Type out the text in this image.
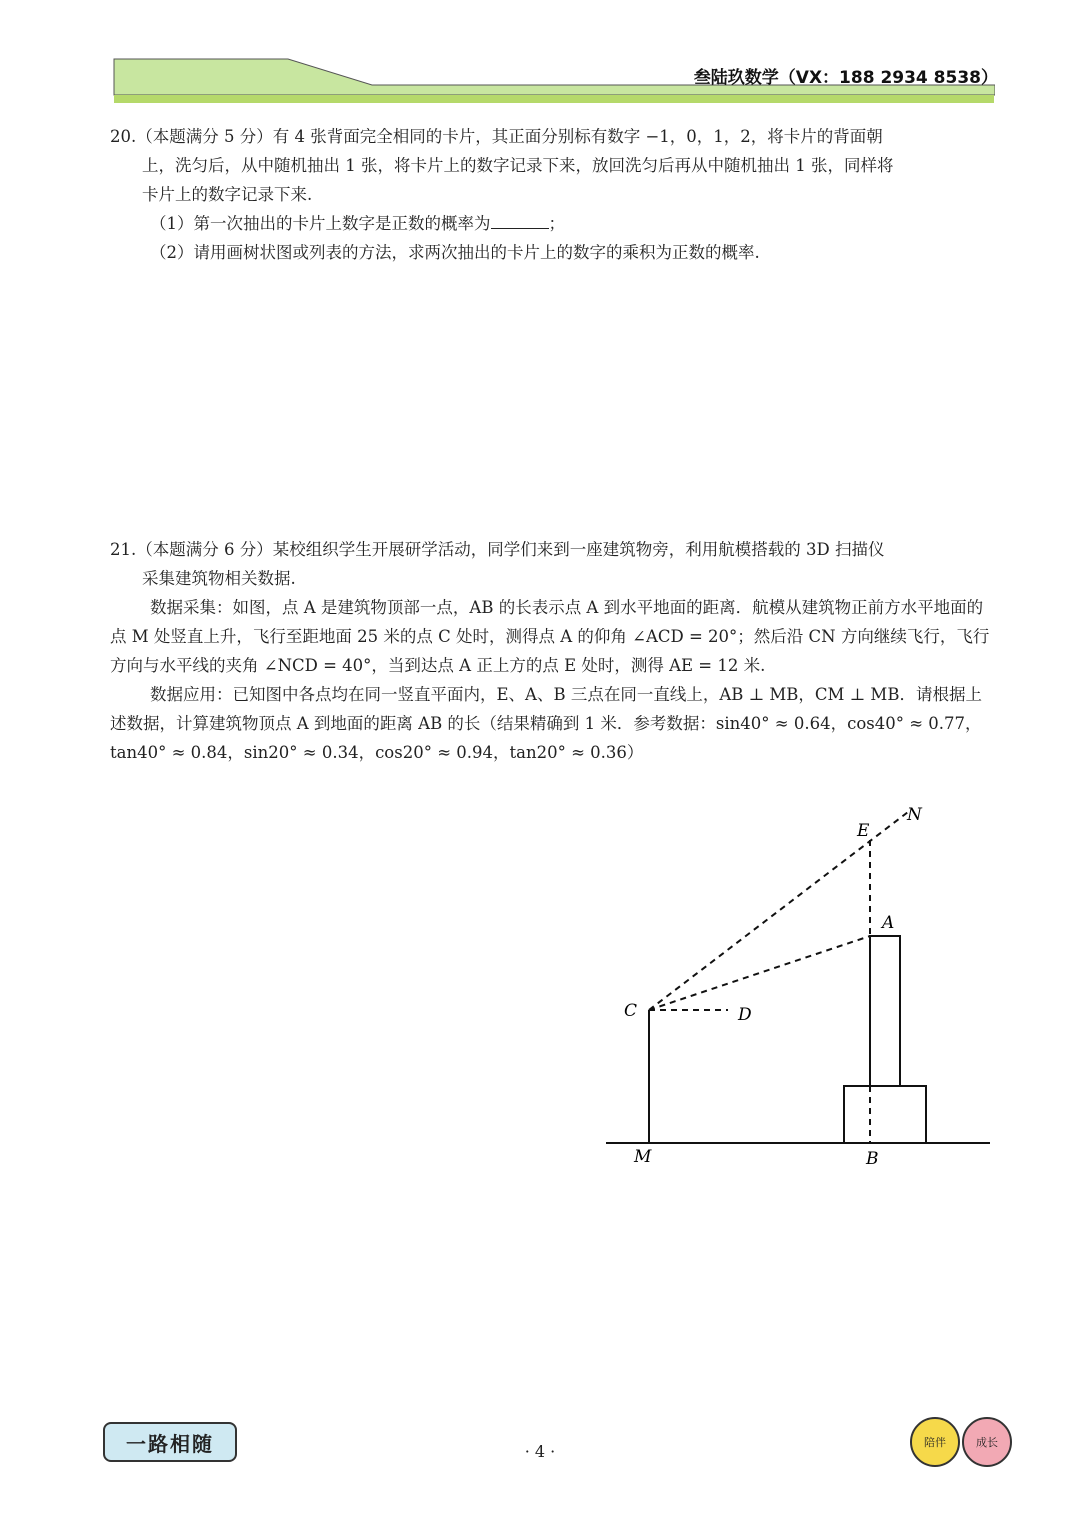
叁陆玖数学（VX：188 2934 8538）

20.（本题满分 5 分）有 4 张背面完全相同的卡片，其正面分别标有数字 −1，0，1，2，将卡片的背面朝

上，洗匀后，从中随机抽出 1 张，将卡片上的数字记录下来，放回洗匀后再从中随机抽出 1 张，同样将

卡片上的数字记录下来.

（1）第一次抽出的卡片上数字是正数的概率为	；

（2）请用画树状图或列表的方法，求两次抽出的卡片上的数字的乘积为正数的概率.

21.（本题满分 6 分）某校组织学生开展研学活动，同学们来到一座建筑物旁，利用航模搭载的 3D 扫描仪

采集建筑物相关数据.

数据采集：如图，点 A 是建筑物顶部一点，AB 的长表示点 A 到水平地面的距离．航模从建筑物正前方水平地面的点 M 处竖直上升，飞行至距地面 25 米的点 C 处时，测得点 A 的仰角 ∠ACD = 20°；然后沿 CN 方向继续飞行，飞行方向与水平线的夹角 ∠NCD = 40°，当到达点 A 正上方的点 E 处时，测得 AE = 12 米.

数据应用：已知图中各点均在同一竖直平面内，E、A、B 三点在同一直线上，AB ⊥ MB，CM ⊥ MB．请根据上述数据，计算建筑物顶点 A 到地面的距离 AB 的长（结果精确到 1 米．参考数据：sin40° ≈ 0.64，cos40° ≈ 0.77，tan40° ≈ 0.84，sin20° ≈ 0.34，cos20° ≈ 0.94，tan20° ≈ 0.36）

E
N
A
C	D
M	B
一路相随	· 4 ·	陪伴	成长
